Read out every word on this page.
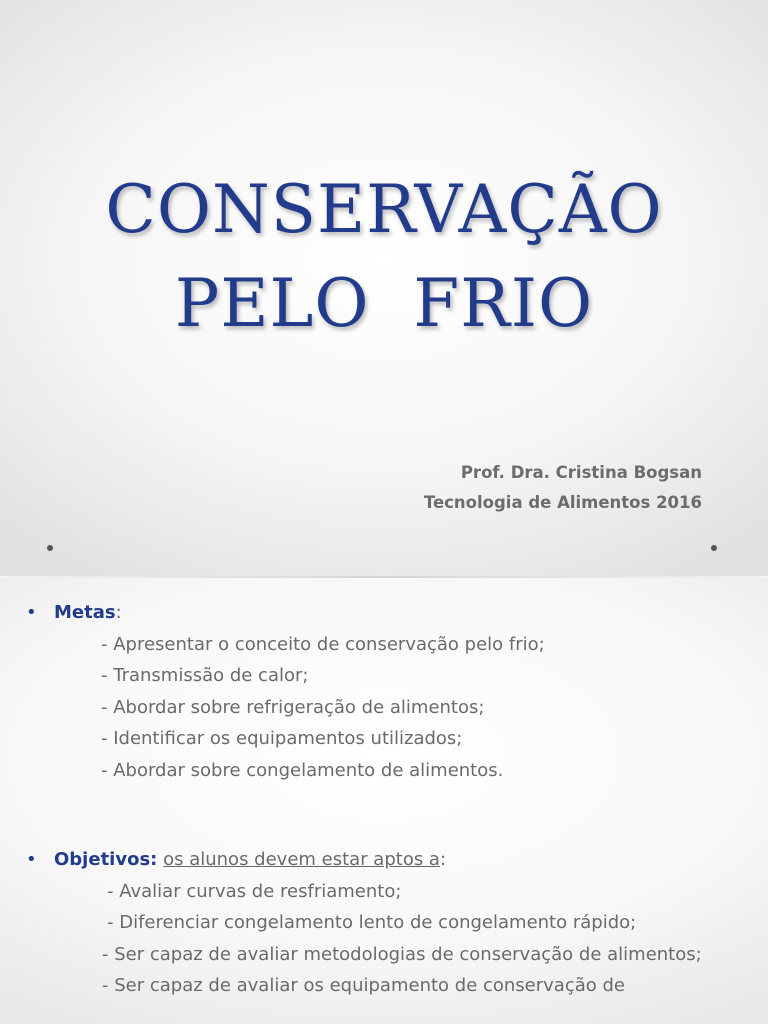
CONSERVAÇÃO
PELO  FRIO
Prof. Dra. Cristina Bogsan
Tecnologia de Alimentos 2016
• Metas:
- Apresentar o conceito de conservação pelo frio;
- Transmissão de calor;
- Abordar sobre refrigeração de alimentos;
- Identificar os equipamentos utilizados;
- Abordar sobre congelamento de alimentos.
• Objetivos: os alunos devem estar aptos a:
- Avaliar curvas de resfriamento;
- Diferenciar congelamento lento de congelamento rápido;
- Ser capaz de avaliar metodologias de conservação de alimentos;
- Ser capaz de avaliar os equipamento de conservação de
